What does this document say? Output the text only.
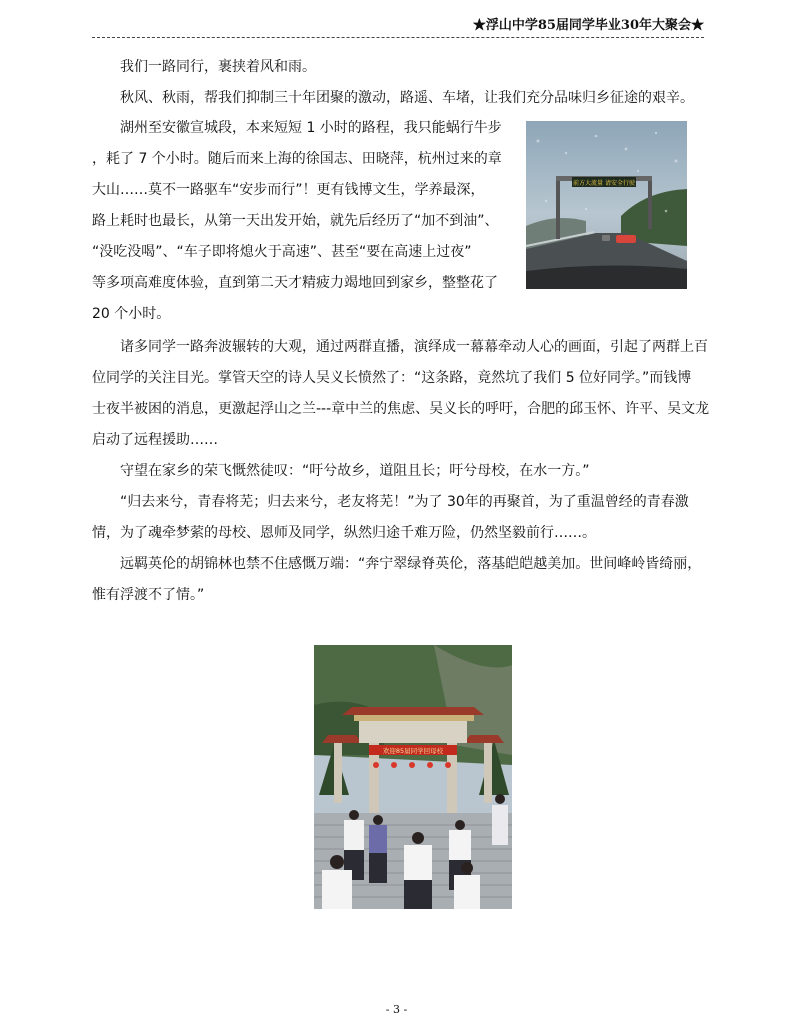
★浮山中学85届同学毕业30年大聚会★
我们一路同行，裹挟着风和雨。
秋风、秋雨，帮我们抑制三十年团聚的激动，路遥、车堵，让我们充分品味归乡征途的艰辛。
湖州至安徽宣城段，本来短短 1 小时的路程，我只能蜗行牛步
，耗了 7 个小时。随后而来上海的徐国志、田晓萍，杭州过来的章
大山……莫不一路驱车“安步而行”！更有钱博文生，学养最深，
路上耗时也最长，从第一天出发开始，就先后经历了“加不到油”、
“没吃没喝”、“车子即将熄火于高速”、甚至“要在高速上过夜”
等多项高难度体验，直到第二天才精疲力竭地回到家乡，整整花了
20 个小时。
诸多同学一路奔波辗转的大观，通过两群直播，演绎成一幕幕牵动人心的画面，引起了两群上百
位同学的关注目光。掌管天空的诗人吴义长愤然了：“这条路，竟然坑了我们 5 位好同学。”而钱博
士夜半被困的消息，更激起浮山之兰---章中兰的焦虑、吴义长的呼吁，合肥的邱玉怀、许平、吴文龙
启动了远程援助……
守望在家乡的荣飞慨然徒叹：“吁兮故乡，道阻且长；吁兮母校，在水一方。”
“归去来兮，青春将芜；归去来兮，老友将芜！”为了 30年的再聚首，为了重温曾经的青春激
情，为了魂牵梦萦的母校、恩师及同学，纵然归途千难万险，仍然坚毅前行……。
远羁英伦的胡锦林也禁不住感慨万端：“奔宁翠绿脊英伦，落基皑皑越美加。世间峰岭皆绮丽，
惟有浮渡不了情。”
前方大流量 请安全行驶
欢迎85届同学回母校
- 3 -
